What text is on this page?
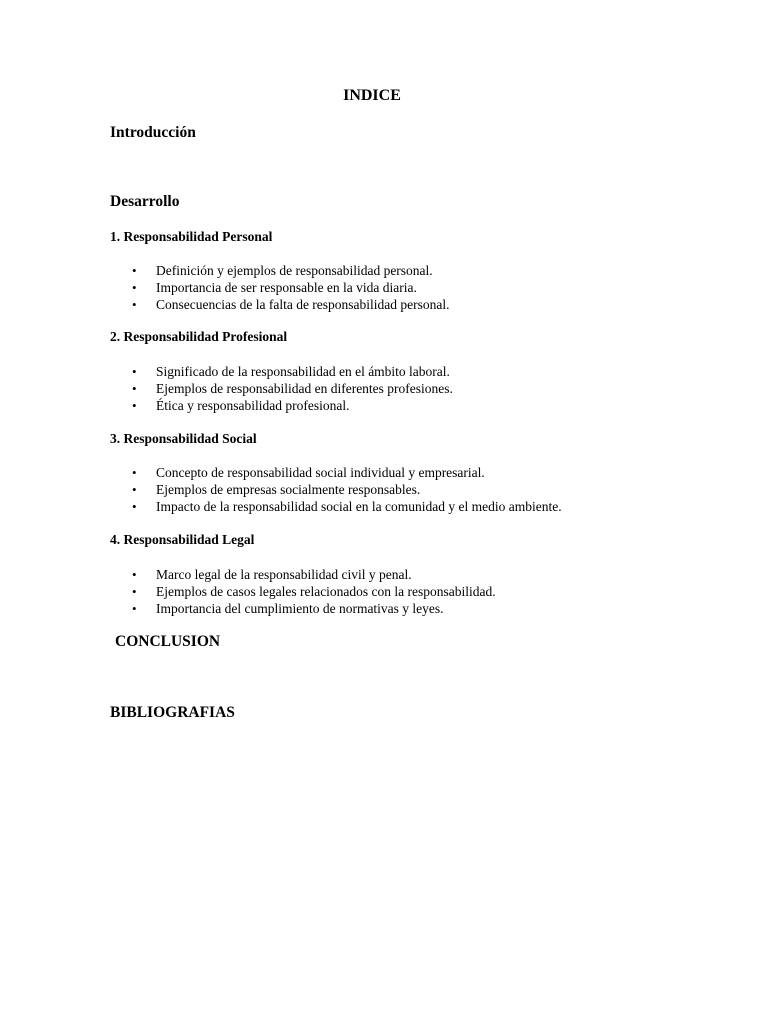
INDICE
Introducción
Desarrollo
1. Responsabilidad Personal
• Definición y ejemplos de responsabilidad personal.
• Importancia de ser responsable en la vida diaria.
• Consecuencias de la falta de responsabilidad personal.
2. Responsabilidad Profesional
• Significado de la responsabilidad en el ámbito laboral.
• Ejemplos de responsabilidad en diferentes profesiones.
• Ética y responsabilidad profesional.
3. Responsabilidad Social
• Concepto de responsabilidad social individual y empresarial.
• Ejemplos de empresas socialmente responsables.
• Impacto de la responsabilidad social en la comunidad y el medio ambiente.
4. Responsabilidad Legal
• Marco legal de la responsabilidad civil y penal.
• Ejemplos de casos legales relacionados con la responsabilidad.
• Importancia del cumplimiento de normativas y leyes.
CONCLUSION
BIBLIOGRAFIAS
